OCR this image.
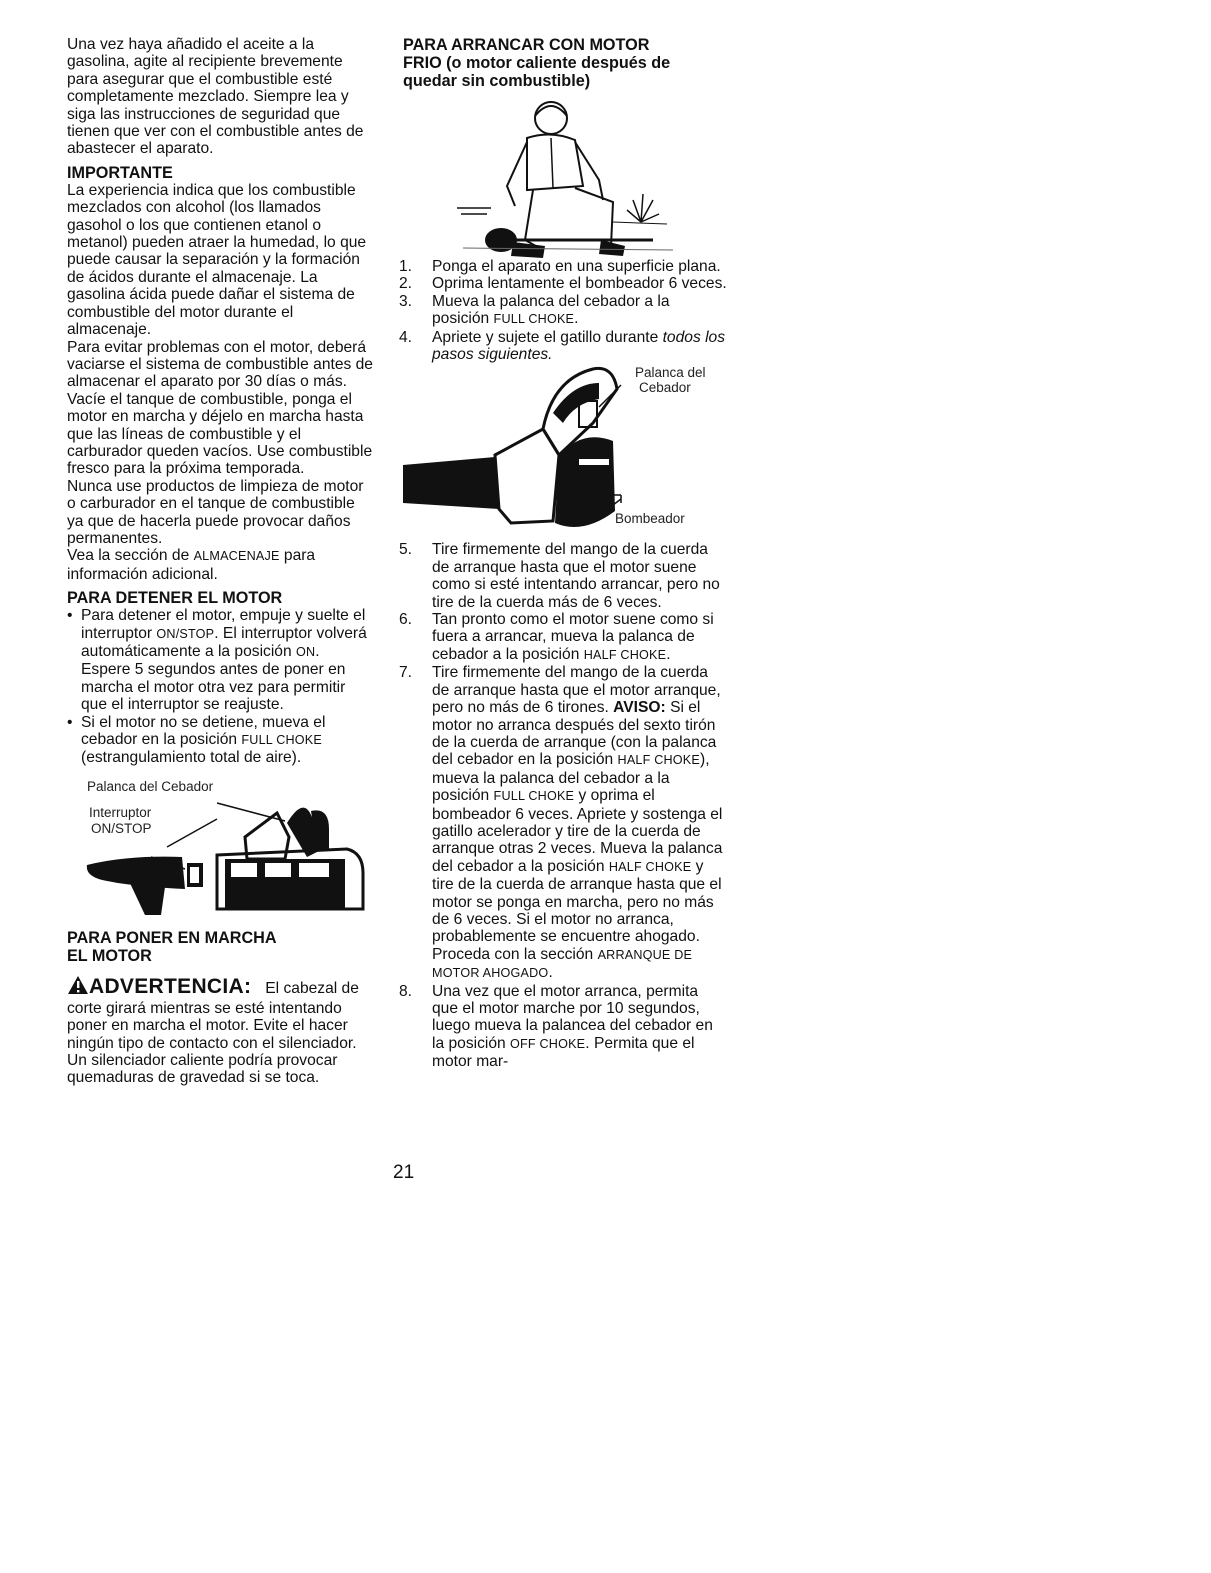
Una vez haya añadido el aceite a la gasolina, agite al recipiente brevemente para asegurar que el combustible esté completamente mezclado. Siempre lea y siga las instrucciones de seguridad que tienen que ver con el combustible antes de abastecer el aparato.

IMPORTANTE

La experiencia indica que los combustible mezclados con alcohol (los llamados gasohol o los que contienen etanol o metanol) pueden atraer la humedad, lo que puede causar la separación y la formación de ácidos durante el almacenaje. La gasolina ácida puede dañar el sistema de combustible del motor durante el almacenaje.

Para evitar problemas con el motor, deberá vaciarse el sistema de combustible antes de almacenar el aparato por 30 días o más. Vacíe el tanque de combustible, ponga el motor en marcha y déjelo en marcha hasta que las líneas de combustible y el carburador queden vacíos. Use combustible fresco para la próxima temporada.

Nunca use productos de limpieza de motor o carburador en el tanque de combustible ya que de hacerla puede provocar daños permanentes.

Vea la sección de ALMACENAJE para información adicional.

PARA DETENER EL MOTOR

• Para detener el motor, empuje y suelte el interruptor ON/STOP. El interruptor volverá automáticamente a la posición ON. Espere 5 segundos antes de poner en marcha el motor otra vez para permitir que el interruptor se reajuste.
• Si el motor no se detiene, mueva el cebador en la posición FULL CHOKE (estrangulamiento total de aire).
Palanca del Cebador
Interruptor
ON/STOP

PARA PONER EN MARCHA

EL MOTOR

ADVERTENCIA: El cabezal de

corte girará mientras se esté intentando poner en marcha el motor. Evite el hacer ningún tipo de contacto con el silenciador. Un silenciador caliente podría provocar quemaduras de gravedad si se toca.

PARA ARRANCAR CON MOTOR

FRIO (o motor caliente después de

quedar sin combustible)

1. Ponga el aparato en una superficie plana.
2. Oprima lentamente el bombeador 6 veces.
3. Mueva la palanca del cebador a la posición FULL CHOKE.
4. Apriete y sujete el gatillo durante todos los pasos siguientes.
Palanca del
Cebador
Bombeador
5. Tire firmemente del mango de la cuerda de arranque hasta que el motor suene como si esté intentando arrancar, pero no tire de la cuerda más de 6 veces.
6. Tan pronto como el motor suene como si fuera a arrancar, mueva la palanca de cebador a la posición HALF CHOKE.
7. Tire firmemente del mango de la cuerda de arranque hasta que el motor arranque, pero no más de 6 tirones. AVISO: Si el motor no arranca después del sexto tirón de la cuerda de arranque (con la palanca del cebador en la posición HALF CHOKE), mueva la palanca del cebador a la posición FULL CHOKE y oprima el bombeador 6 veces. Apriete y sostenga el gatillo acelerador y tire de la cuerda de arranque otras 2 veces. Mueva la palanca del cebador a la posición HALF CHOKE y tire de la cuerda de arranque hasta que el motor se ponga en marcha, pero no más de 6 veces. Si el motor no arranca, probablemente se encuentre ahogado. Proceda con la sección ARRANQUE DE MOTOR AHOGADO.
8. Una vez que el motor arranca, permita que el motor marche por 10 segundos, luego mueva la palancea del cebador en la posición OFF CHOKE. Permita que el motor mar-
21
